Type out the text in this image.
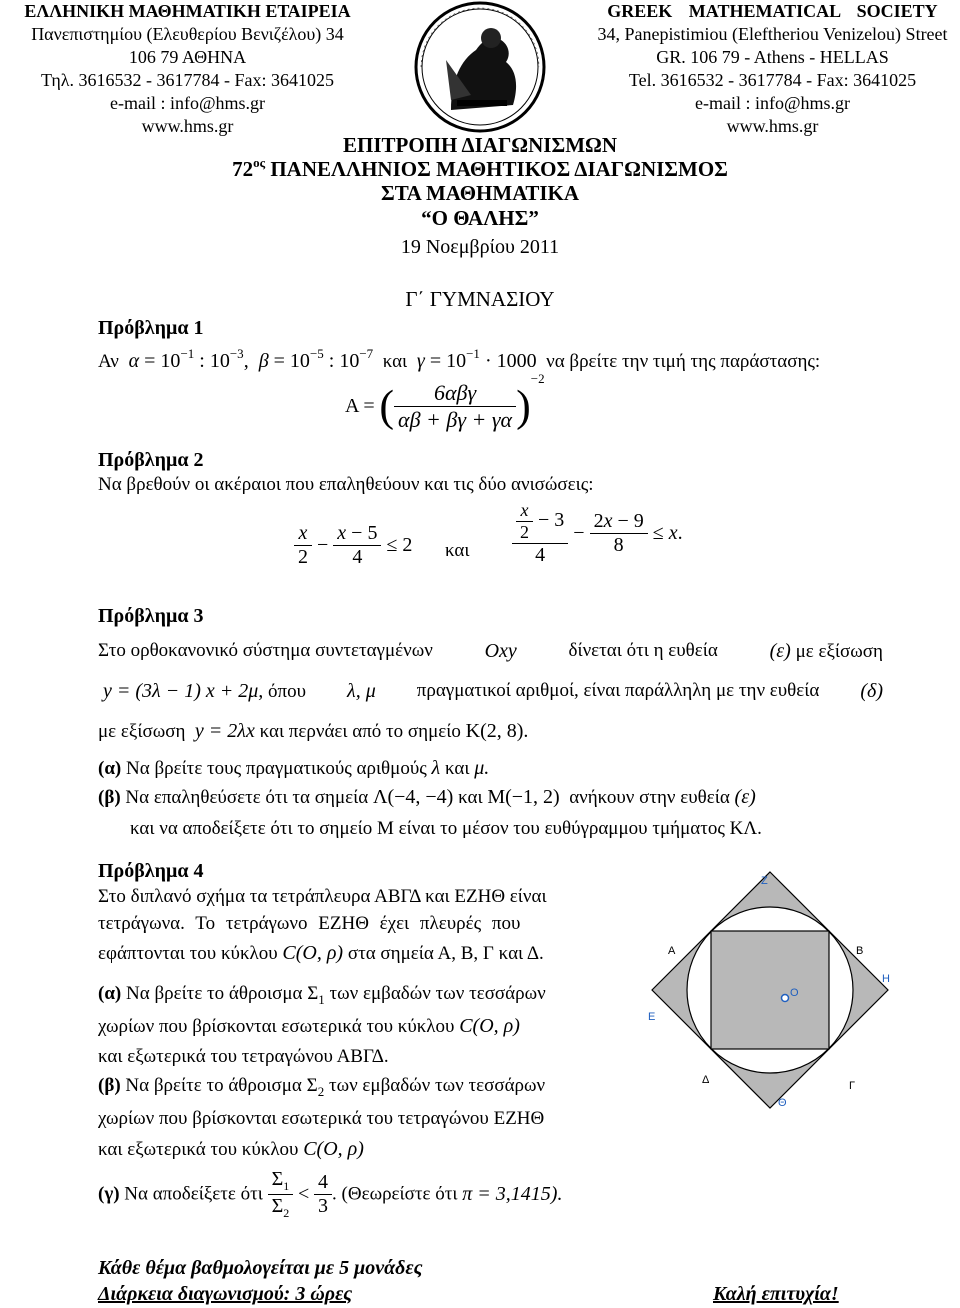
ΕΛΛΗΝΙΚΗ ΜΑΘΗΜΑΤΙΚΗ ΕΤΑΙΡΕΙΑ
Πανεπιστημίου (Ελευθερίου Βενιζέλου) 34
106 79 ΑΘΗΝΑ
Τηλ. 3616532 - 3617784 - Fax: 3641025
e-mail : info@hms.gr
www.hms.gr
GREEK MATHEMATICAL SOCIETY
34, Panepistimiou (Eleftheriou Venizelou) Street
GR. 106 79 - Athens - HELLAS
Tel. 3616532 - 3617784 - Fax: 3641025
e-mail : info@hms.gr
www.hms.gr
ΕΠΙΤΡΟΠΗ ΔΙΑΓΩΝΙΣΜΩΝ
$72^{o\varsigma}$ ΠΑΝΕΛΛΗΝΙΟΣ ΜΑΘΗΤΙΚΟΣ ΔΙΑΓΩΝΙΣΜΟΣ
ΣΤΑ ΜΑΘΗΜΑΤΙΚΑ
“Ο ΘΑΛΗΣ”
19 Νοεμβρίου 2011
Γ΄ ΓΥΜΝΑΣΙΟΥ
Πρόβλημα 1
Αν  $\alpha = 10^{-1}$ : $10^{-3}$,  $\beta = 10^{-5}$ : $10^{-7}$ και  $\gamma = 10^{-1} \cdot 1000$ να βρείτε την τιμή της παράστασης:
Α = ( $\frac{\text{6αβγ}}{\alpha\beta + \beta\gamma + \gamma\alpha} )^{-2}$
Πρόβλημα 2
Να βρεθούν οι ακέραιοι που επαληθεύουν και τις δύο ανισώσεις:
$\frac{x}{2} - \frac{x - 5}{4} \le 2$ και $\frac{\frac{x}{2} - 3}{4} - \frac{2x - 9}{8} \le x$.
Πρόβλημα 3
Στο ορθοκανονικό σύστημα συντεταγμένων	Oxy	δίνεται ότι η ευθεία	(ε) με εξίσωση
y = (3λ − 1) x + 2μ, όπου λ, μ πραγματικοί αριθμοί, είναι παράλληλη με την ευθεία (δ)
με εξίσωση y = 2λx και περνάει από το σημείο Κ(2, 8).
(α) Να βρείτε τους πραγματικούς αριθμούς λ και μ.
(β) Να επαληθεύσετε ότι τα σημεία Λ(−4, −4) και Μ(−1, 2) ανήκουν στην ευθεία (ε)
και να αποδείξετε ότι το σημείο Μ είναι το μέσον του ευθύγραμμου τμήματος ΚΛ.
Πρόβλημα 4
Στο διπλανό σχήμα τα τετράπλευρα ΑΒΓΔ και ΕΖΗΘ είναι
τετράγωνα. Το τετράγωνο ΕΖΗΘ έχει πλευρές που
εφάπτονται του κύκλου C(Ο, ρ) στα σημεία Α, Β, Γ και Δ.
(α) Να βρείτε το άθροισμα $\Sigma_1$ των εμβαδών των τεσσάρων
χωρίων που βρίσκονται εσωτερικά του κύκλου C(Ο, ρ)
και εξωτερικά του τετραγώνου ΑΒΓΔ.
(β) Να βρείτε το άθροισμα $\Sigma_2$ των εμβαδών των τεσσάρων
χωρίων που βρίσκονται εσωτερικά του τετραγώνου ΕΖΗΘ
και εξωτερικά του κύκλου C(Ο, ρ)
(γ) Να αποδείξετε ότι $\frac{\Sigma_1}{\Sigma_2} < \frac{4}{3}$ . (Θεωρείστε ότι π = 3,1415).
Α	Β
Γ
Δ
Ε
Ζ
Η
Θ
Ο
Κάθε θέμα βαθμολογείται με 5 μονάδες
Διάρκεια διαγωνισμού: 3 ώρες	Καλή επιτυχία!
